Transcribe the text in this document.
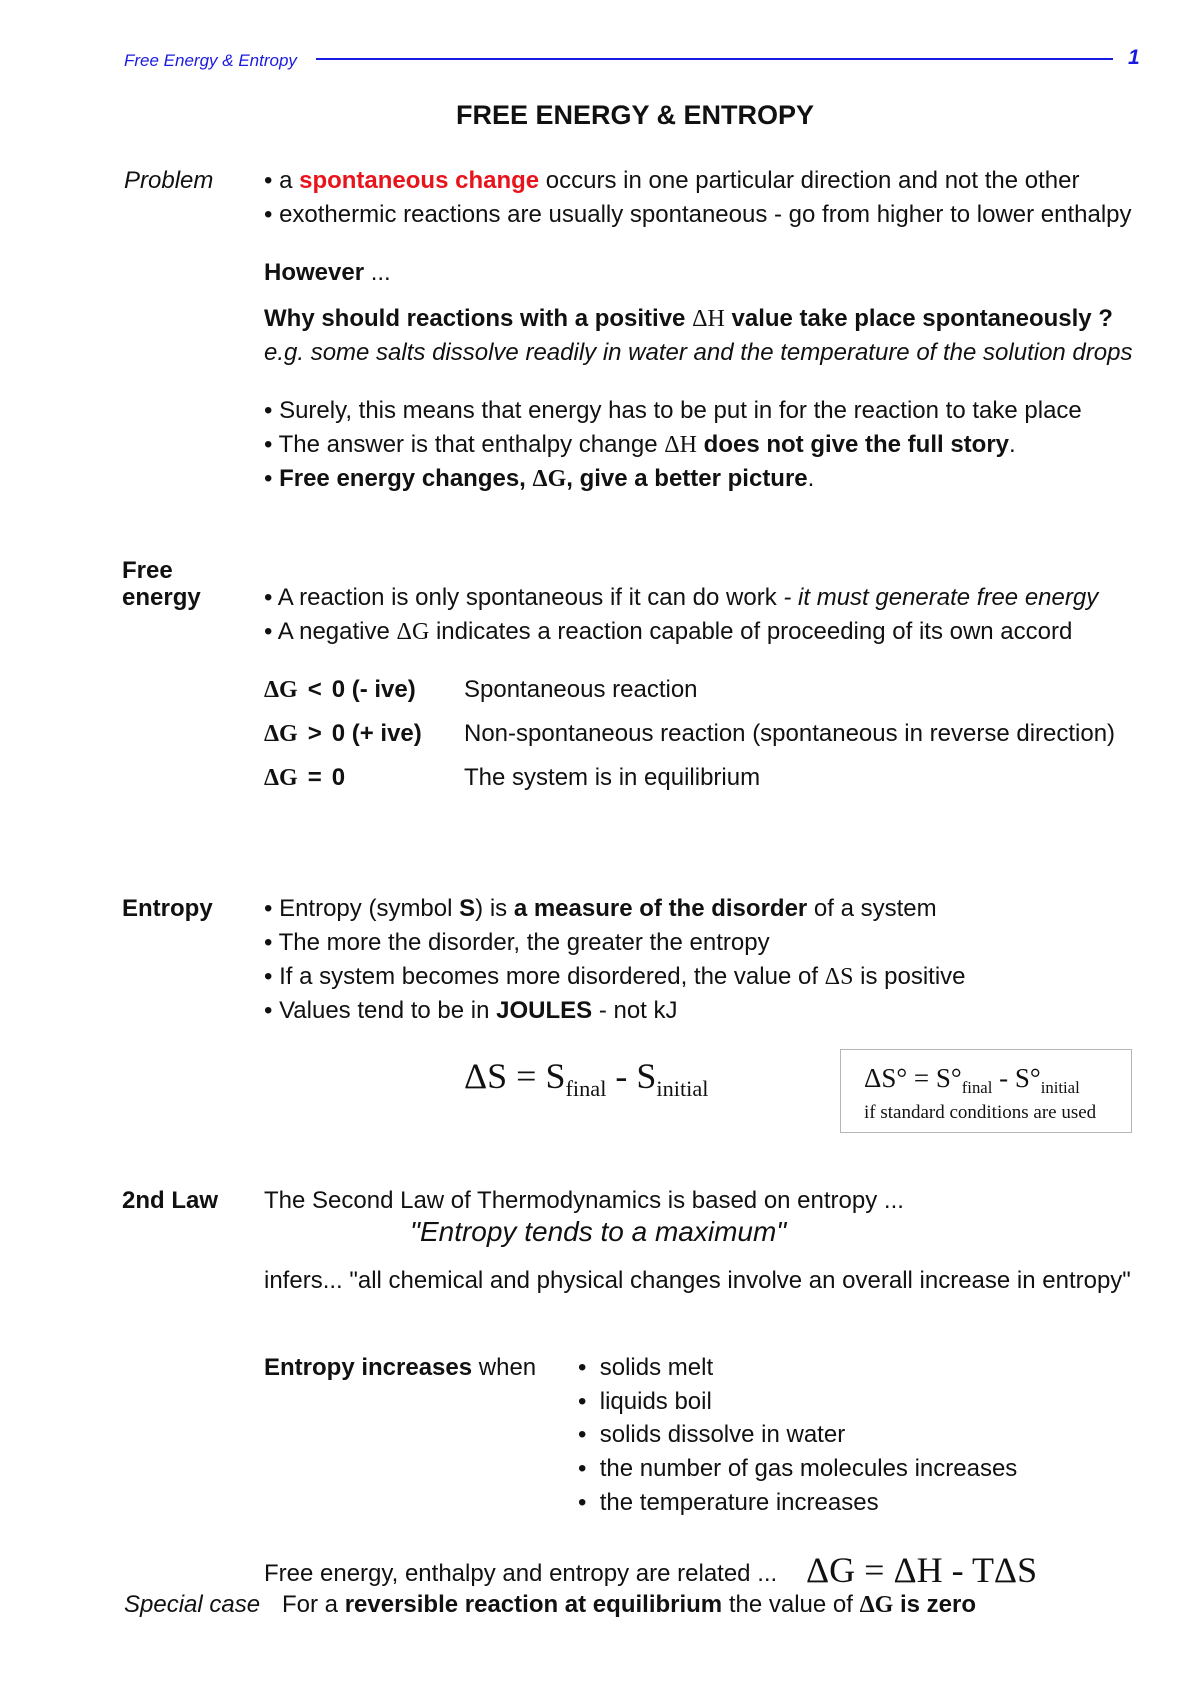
Free Energy & Entropy	1
FREE ENERGY & ENTROPY
Problem • a spontaneous change occurs in one particular direction and not the other
• exothermic reactions are usually spontaneous - go from higher to lower enthalpy
However ...
Why should reactions with a positive ΔH value take place spontaneously ?
e.g. some salts dissolve readily in water and the temperature of the solution drops
• Surely, this means that energy has to be put in for the reaction to take place
• The answer is that enthalpy change ΔH does not give the full story.
• Free energy changes, ΔG, give a better picture.
Free
energy	• A reaction is only spontaneous if it can do work - it must generate free energy
• A negative ΔG indicates a reaction capable of proceeding of its own accord
ΔG < 0 (- ive) Spontaneous reaction
ΔG > 0 (+ ive) Non-spontaneous reaction (spontaneous in reverse direction)
ΔG = 0	The system is in equilibrium
Entropy • Entropy (symbol S) is a measure of the disorder of a system
• The more the disorder, the greater the entropy
• If a system becomes more disordered, the value of ΔS is positive
• Values tend to be in JOULES - not kJ
$\Delta S = S_{final} - S_{initial}$	$\Delta S^\circ = S^\circ_{final} - S^\circ_{initial}$
if standard conditions are used
2nd Law The Second Law of Thermodynamics is based on entropy ...
"Entropy tends to a maximum"
infers... "all chemical and physical changes involve an overall increase in entropy"
Entropy increases when •  solids melt
•  liquids boil
•  solids dissolve in water
•  the number of gas molecules increases
•  the temperature increases
Free energy, enthalpy and entropy are related ... ΔG = ΔH - TΔS
Special case For a reversible reaction at equilibrium the value of ΔG is zero
